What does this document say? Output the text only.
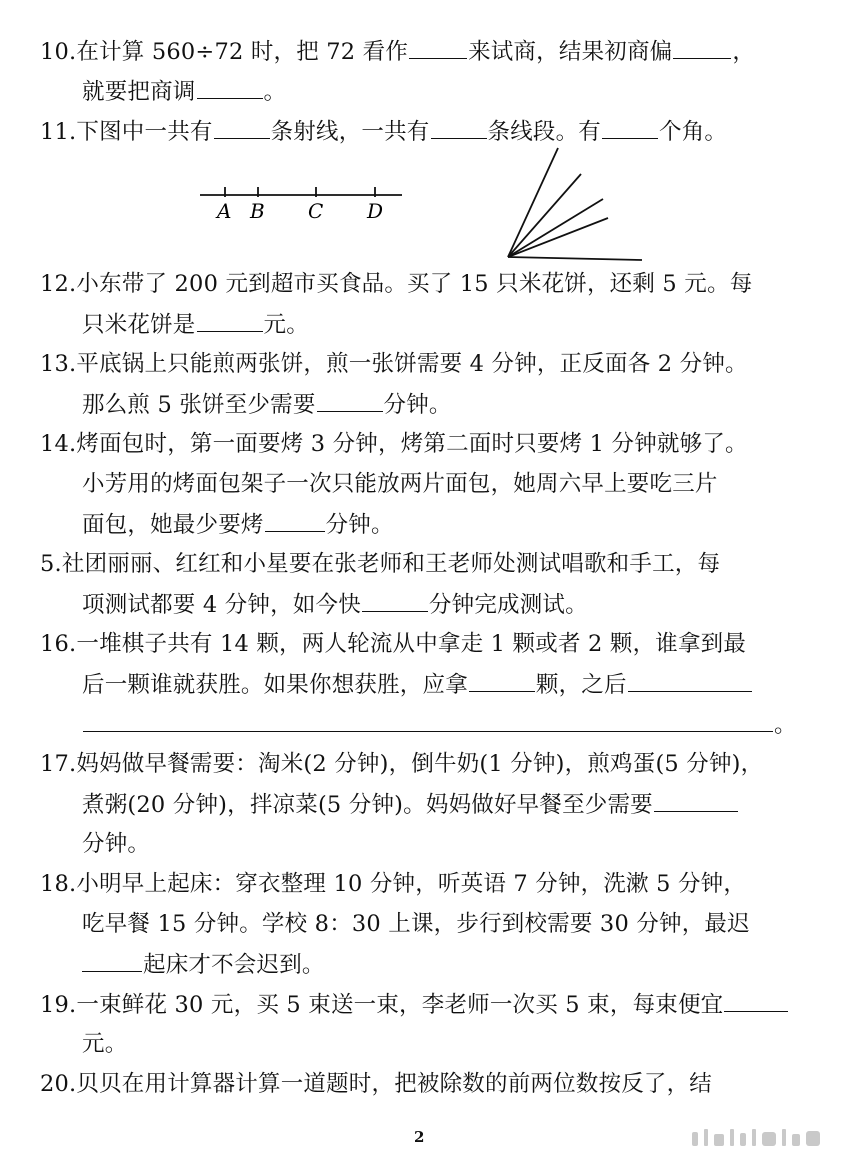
10.在计算 560÷72 时，把 72 看作	来试商，结果初商偏	，
就要把商调	。
11.下图中一共有	条射线，一共有	条线段。有	个角。
A B C D
12.小东带了 200 元到超市买食品。买了 15 只米花饼，还剩 5 元。每
只米花饼是	元。
13.平底锅上只能煎两张饼，煎一张饼需要 4 分钟，正反面各 2 分钟。
那么煎 5 张饼至少需要	分钟。
14.烤面包时，第一面要烤 3 分钟，烤第二面时只要烤 1 分钟就够了。
小芳用的烤面包架子一次只能放两片面包，她周六早上要吃三片
面包，她最少要烤	分钟。
5.社团丽丽、红红和小星要在张老师和王老师处测试唱歌和手工，每
项测试都要 4 分钟，如今快	分钟完成测试。
16.一堆棋子共有 14 颗，两人轮流从中拿走 1 颗或者 2 颗，谁拿到最
后一颗谁就获胜。如果你想获胜，应拿	颗，之后
。
17.妈妈做早餐需要：淘米(2 分钟)，倒牛奶(1 分钟)，煎鸡蛋(5 分钟)，
煮粥(20 分钟)，拌凉菜(5 分钟)。妈妈做好早餐至少需要
分钟。
18.小明早上起床：穿衣整理 10 分钟，听英语 7 分钟，洗漱 5 分钟，
吃早餐 15 分钟。学校 8：30 上课，步行到校需要 30 分钟，最迟
起床才不会迟到。
19.一束鲜花 30 元，买 5 束送一束，李老师一次买 5 束，每束便宜
元。
20.贝贝在用计算器计算一道题时，把被除数的前两位数按反了，结
2
